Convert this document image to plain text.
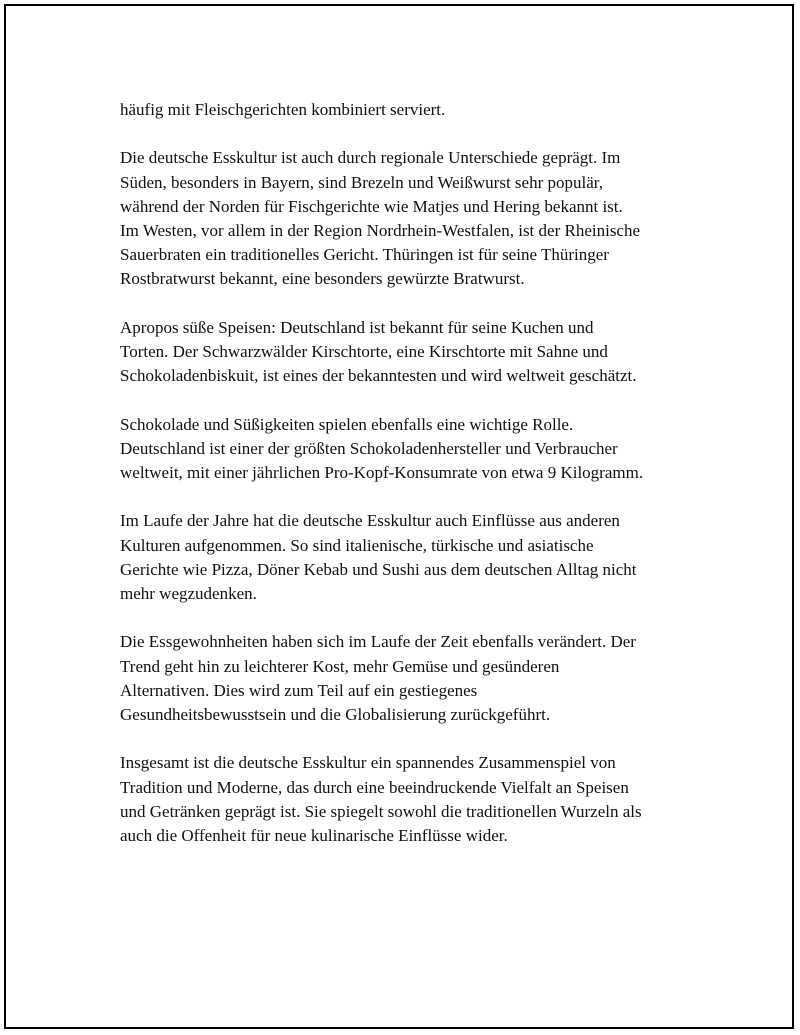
häufig mit Fleischgerichten kombiniert serviert.

Die deutsche Esskultur ist auch durch regionale Unterschiede geprägt. Im
Süden, besonders in Bayern, sind Brezeln und Weißwurst sehr populär,
während der Norden für Fischgerichte wie Matjes und Hering bekannt ist.
Im Westen, vor allem in der Region Nordrhein-Westfalen, ist der Rheinische
Sauerbraten ein traditionelles Gericht. Thüringen ist für seine Thüringer
Rostbratwurst bekannt, eine besonders gewürzte Bratwurst.

Apropos süße Speisen: Deutschland ist bekannt für seine Kuchen und
Torten. Der Schwarzwälder Kirschtorte, eine Kirschtorte mit Sahne und
Schokoladenbiskuit, ist eines der bekanntesten und wird weltweit geschätzt.

Schokolade und Süßigkeiten spielen ebenfalls eine wichtige Rolle.
Deutschland ist einer der größten Schokoladenhersteller und Verbraucher
weltweit, mit einer jährlichen Pro-Kopf-Konsumrate von etwa 9 Kilogramm.

Im Laufe der Jahre hat die deutsche Esskultur auch Einflüsse aus anderen
Kulturen aufgenommen. So sind italienische, türkische und asiatische
Gerichte wie Pizza, Döner Kebab und Sushi aus dem deutschen Alltag nicht
mehr wegzudenken.

Die Essgewohnheiten haben sich im Laufe der Zeit ebenfalls verändert. Der
Trend geht hin zu leichterer Kost, mehr Gemüse und gesünderen
Alternativen. Dies wird zum Teil auf ein gestiegenes
Gesundheitsbewusstsein und die Globalisierung zurückgeführt.

Insgesamt ist die deutsche Esskultur ein spannendes Zusammenspiel von
Tradition und Moderne, das durch eine beeindruckende Vielfalt an Speisen
und Getränken geprägt ist. Sie spiegelt sowohl die traditionellen Wurzeln als
auch die Offenheit für neue kulinarische Einflüsse wider.
